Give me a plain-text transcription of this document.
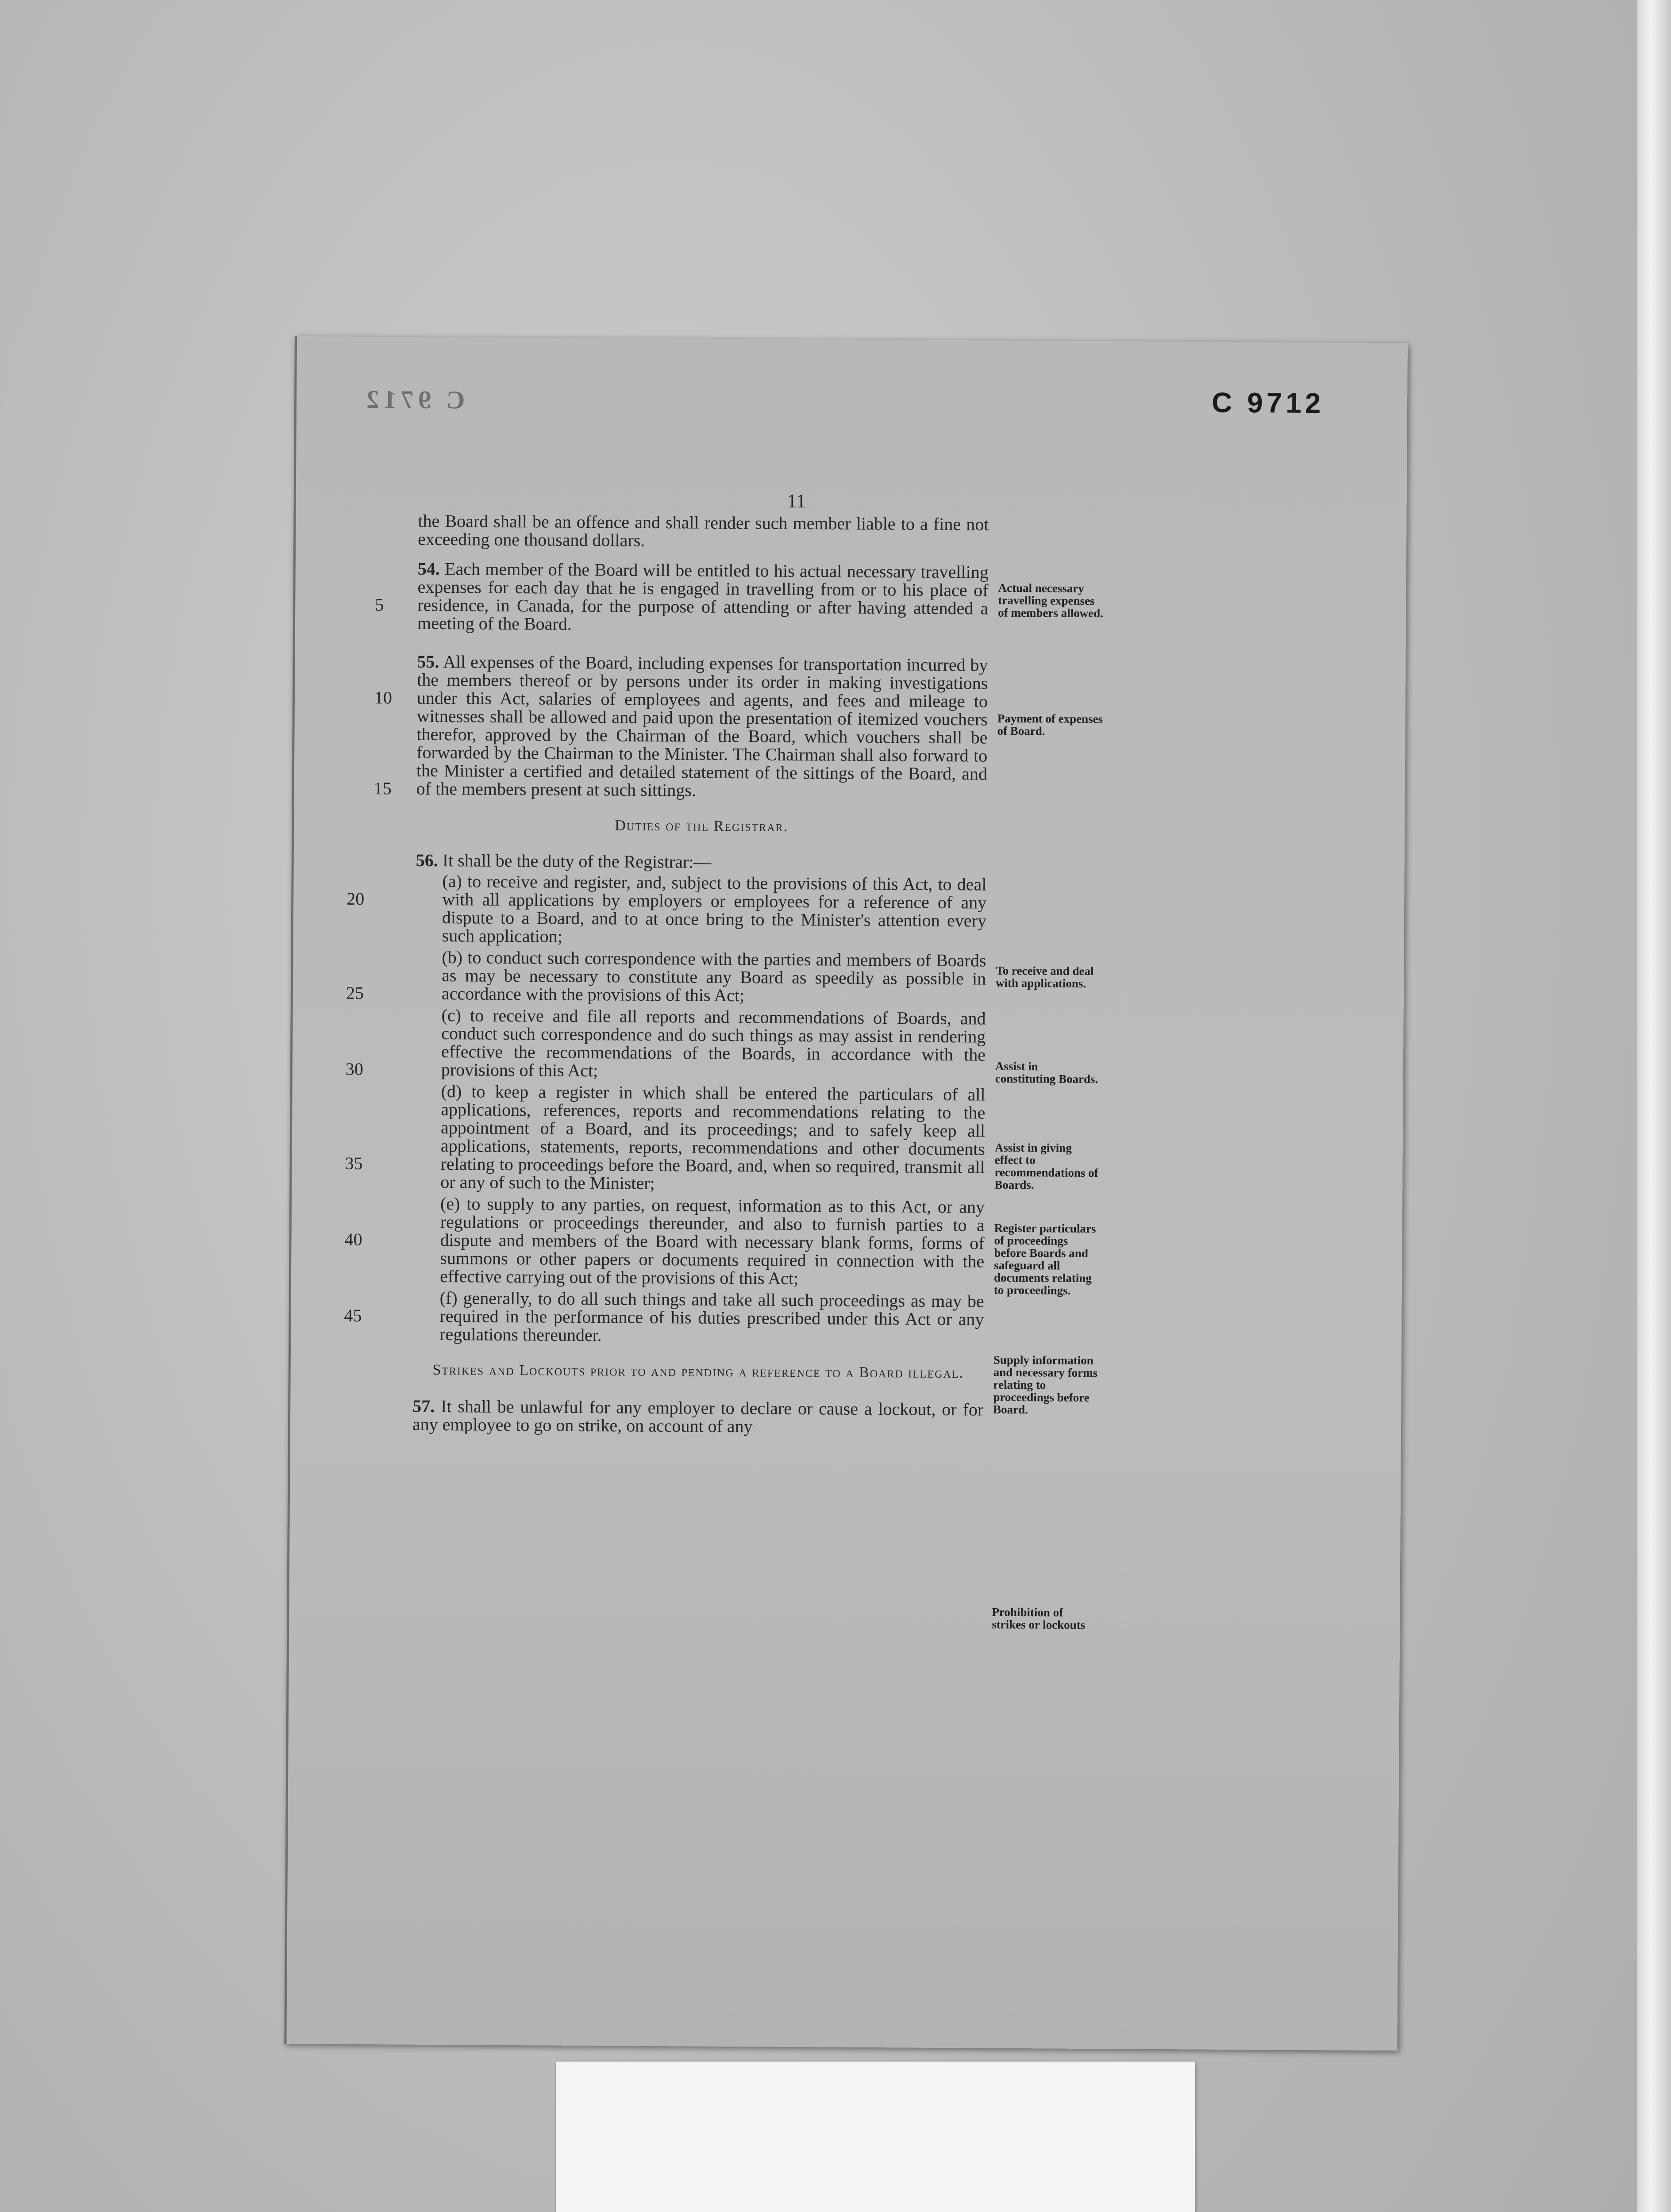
C 9712	C 9712
11

the Board shall be an offence and shall render such member liable to a fine not exceeding one thousand dollars.

5
54. Each member of the Board will be entitled to his actual necessary travelling expenses for each day that he is engaged in travelling from or to his place of residence, in Canada, for the purpose of attending or after having attended a meeting of the Board.

10
15
55. All expenses of the Board, including expenses for transportation incurred by the members thereof or by persons under its order in making investigations under this Act, salaries of employees and agents, and fees and mileage to witnesses shall be allowed and paid upon the presentation of itemized vouchers therefor, approved by the Chairman of the Board, which vouchers shall be forwarded by the Chairman to the Minister. The Chairman shall also forward to the Minister a certified and detailed statement of the sittings of the Board, and of the members present at such sittings.

Duties of the Registrar.

56. It shall be the duty of the Registrar:—

20
(a) to receive and register, and, subject to the provisions of this Act, to deal with all applications by employers or employees for a reference of any dispute to a Board, and to at once bring to the Minister's attention every such application;

25
(b) to conduct such correspondence with the parties and members of Boards as may be necessary to constitute any Board as speedily as possible in accordance with the provisions of this Act;

30
(c) to receive and file all reports and recommendations of Boards, and conduct such correspondence and do such things as may assist in rendering effective the recommendations of the Boards, in accordance with the provisions of this Act;

35
(d) to keep a register in which shall be entered the particulars of all applications, references, reports and recommendations relating to the appointment of a Board, and its proceedings; and to safely keep all applications, statements, reports, recommendations and other documents relating to proceedings before the Board, and, when so required, transmit all or any of such to the Minister;

40
(e) to supply to any parties, on request, information as to this Act, or any regulations or proceedings thereunder, and also to furnish parties to a dispute and members of the Board with necessary blank forms, forms of summons or other papers or documents required in connection with the effective carrying out of the provisions of this Act;

45
(f) generally, to do all such things and take all such proceedings as may be required in the performance of his duties prescribed under this Act or any regulations thereunder.

Strikes and Lockouts prior to and pending a reference to a Board illegal.

57. It shall be unlawful for any employer to declare or cause a lockout, or for any employee to go on strike, on account of any

Actual necessary travelling expenses of members allowed.
Payment of expenses of Board.
To receive and deal with applications.
Assist in constituting Boards.
Assist in giving effect to recommendations of Boards.
Register particulars of proceedings before Boards and safeguard all documents relating to proceedings.
Supply information and necessary forms relating to proceedings before Board.
Prohibition of strikes or lockouts
